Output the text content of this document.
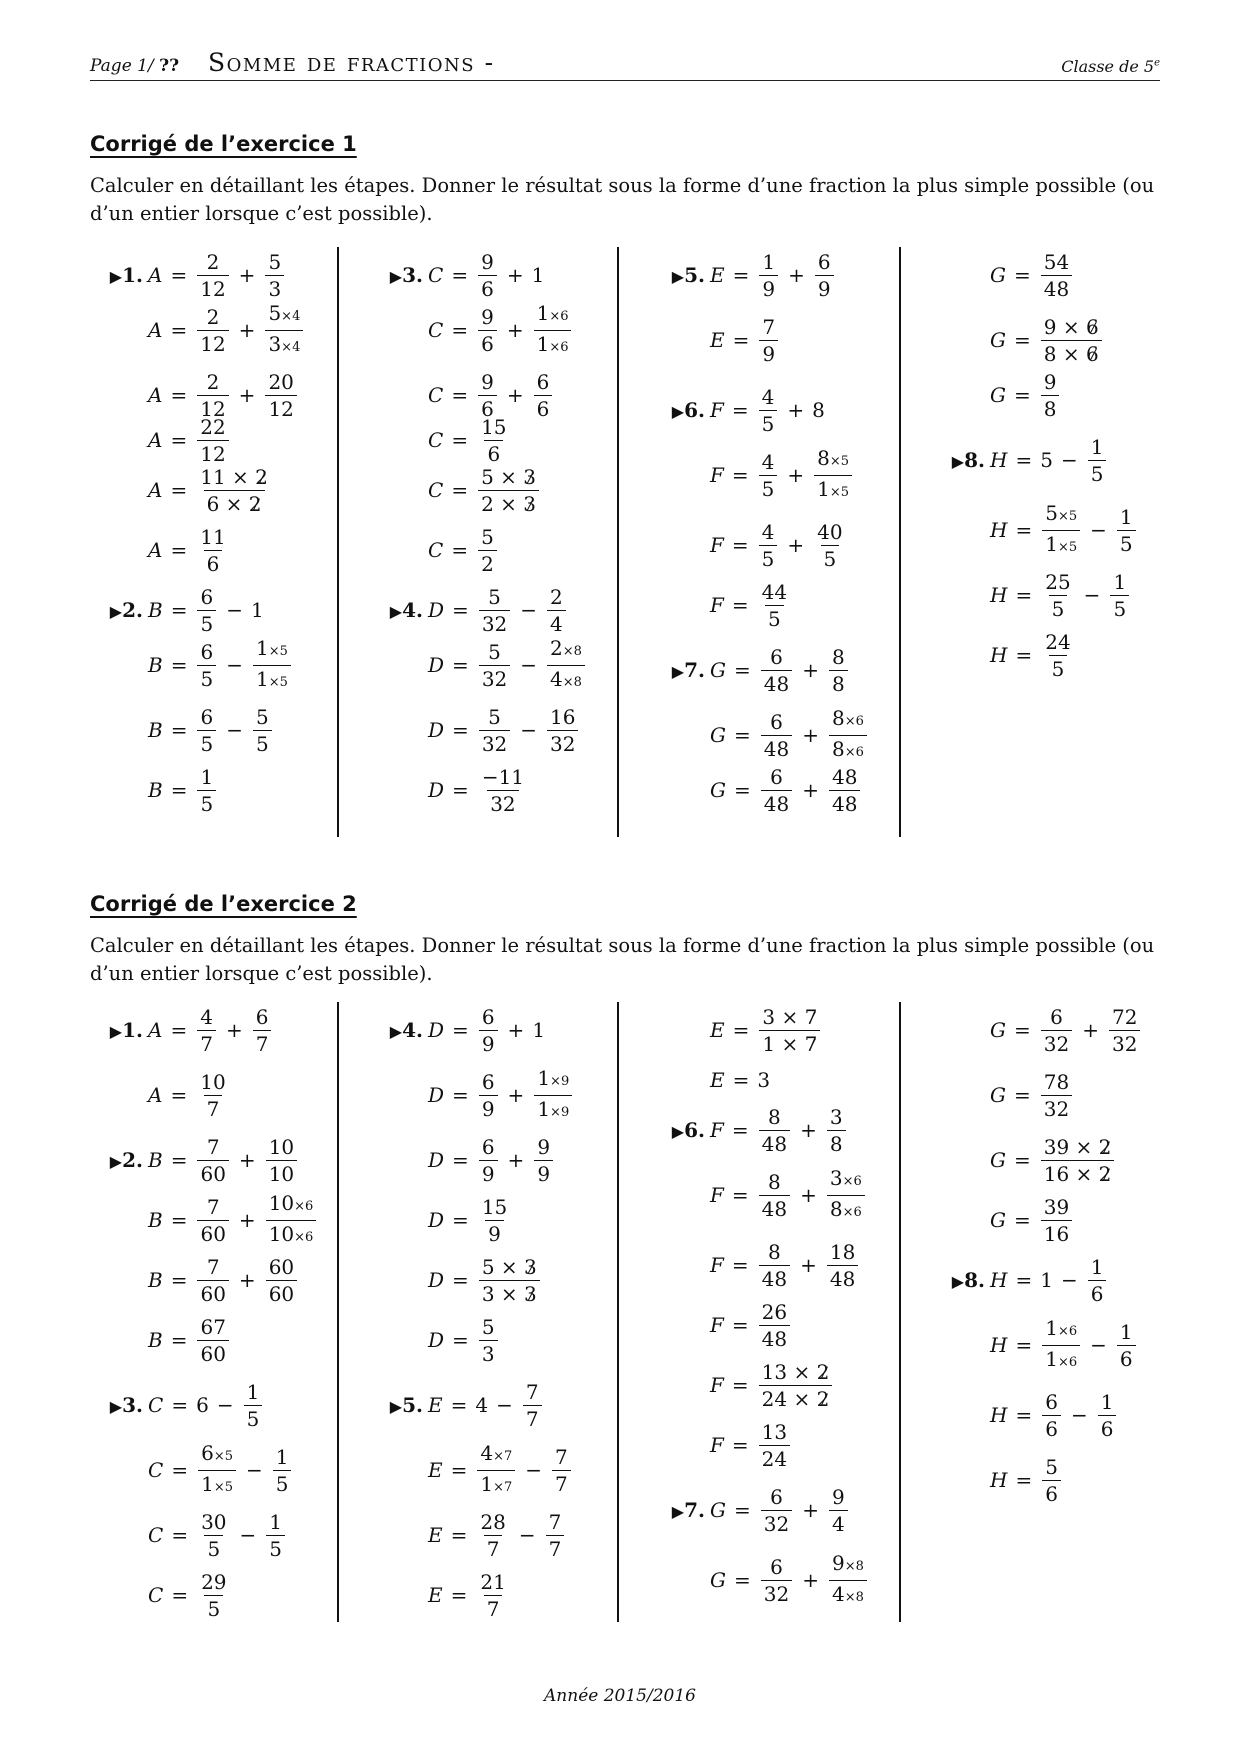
Page 1/ ?? Somme de fractions -	Classe de 5e
Corrigé de l’exercice 1
Calculer en détaillant les étapes. Donner le résultat sous la forme d’une fraction la plus simple possible (ou d’un entier lorsque c’est possible).
Corrigé de l’exercice 2
Calculer en détaillant les étapes. Donner le résultat sous la forme d’une fraction la plus simple possible (ou d’un entier lorsque c’est possible).
Année 2015/2016
▶1. $A = \frac{2}{12} + \frac{5}{3}$
$A = \frac{2}{12} + \frac{5\times 4}{3\times 4}$
$A = \frac{2}{12} + \frac{20}{12}$
$A = \frac{22}{12}$
$A = \frac{11 \times 2}{6 \times 2}$
$A = \frac{11}{6}$
▶2. $B = \frac{6}{5} - 1$
$B = \frac{6}{5} - \frac{1\times 5}{1\times 5}$
$B = \frac{6}{5} - \frac{5}{5}$
$B = \frac{1}{5}$
▶3. $C = \frac{9}{6} + 1$
$C = \frac{9}{6} + \frac{1\times 6}{1\times 6}$
$C = \frac{9}{6} + \frac{6}{6}$
$C = \frac{15}{6}$
$C = \frac{5 \times 3}{2 \times 3}$
$C = \frac{5}{2}$
▶4. $D = \frac{5}{32} - \frac{2}{4}$
$D = \frac{5}{32} - \frac{2\times 8}{4\times 8}$
$D = \frac{5}{32} - \frac{16}{32}$
$D = \frac{-11}{32}$
▶5. $E = \frac{1}{9} + \frac{6}{9}$
$E = \frac{7}{9}$
▶6. $F = \frac{4}{5} + 8$
$F = \frac{4}{5} + \frac{8\times 5}{1\times 5}$
$F = \frac{4}{5} + \frac{40}{5}$
$F = \frac{44}{5}$
▶7. $G = \frac{6}{48} + \frac{8}{8}$
$G = \frac{6}{48} + \frac{8\times 6}{8\times 6}$
$G = \frac{6}{48} + \frac{48}{48}$
$G = \frac{54}{48}$
$G = \frac{9 \times 6}{8 \times 6}$
$G = \frac{9}{8}$
▶8. $H = 5 - \frac{1}{5}$
$H = \frac{5\times 5}{1\times 5} - \frac{1}{5}$
$H = \frac{25}{5} - \frac{1}{5}$
$H = \frac{24}{5}$
▶1. $A = \frac{4}{7} + \frac{6}{7}$
$A = \frac{10}{7}$
▶2. $B = \frac{7}{60} + \frac{10}{10}$
$B = \frac{7}{60} + \frac{10\times 6}{10\times 6}$
$B = \frac{7}{60} + \frac{60}{60}$
$B = \frac{67}{60}$
▶3. $C = 6 - \frac{1}{5}$
$C = \frac{6\times 5}{1\times 5} - \frac{1}{5}$
$C = \frac{30}{5} - \frac{1}{5}$
$C = \frac{29}{5}$
▶4. $D = \frac{6}{9} + 1$
$D = \frac{6}{9} + \frac{1\times 9}{1\times 9}$
$D = \frac{6}{9} + \frac{9}{9}$
$D = \frac{15}{9}$
$D = \frac{5 \times 3}{3 \times 3}$
$D = \frac{5}{3}$
▶5. $E = 4 - \frac{7}{7}$
$E = \frac{4\times 7}{1\times 7} - \frac{7}{7}$
$E = \frac{28}{7} - \frac{7}{7}$
$E = \frac{21}{7}$
$E = \frac{3 \times 7}{1 \times 7}$
E = 3
▶6. $F = \frac{8}{48} + \frac{3}{8}$
$F = \frac{8}{48} + \frac{3\times 6}{8\times 6}$
$F = \frac{8}{48} + \frac{18}{48}$
$F = \frac{26}{48}$
$F = \frac{13 \times 2}{24 \times 2}$
$F = \frac{13}{24}$
▶7. $G = \frac{6}{32} + \frac{9}{4}$
$G = \frac{6}{32} + \frac{9\times 8}{4\times 8}$
$G = \frac{6}{32} + \frac{72}{32}$
$G = \frac{78}{32}$
$G = \frac{39 \times 2}{16 \times 2}$
$G = \frac{39}{16}$
▶8. $H = 1 - \frac{1}{6}$
$H = \frac{1\times 6}{1\times 6} - \frac{1}{6}$
$H = \frac{6}{6} - \frac{1}{6}$
$H = \frac{5}{6}$
